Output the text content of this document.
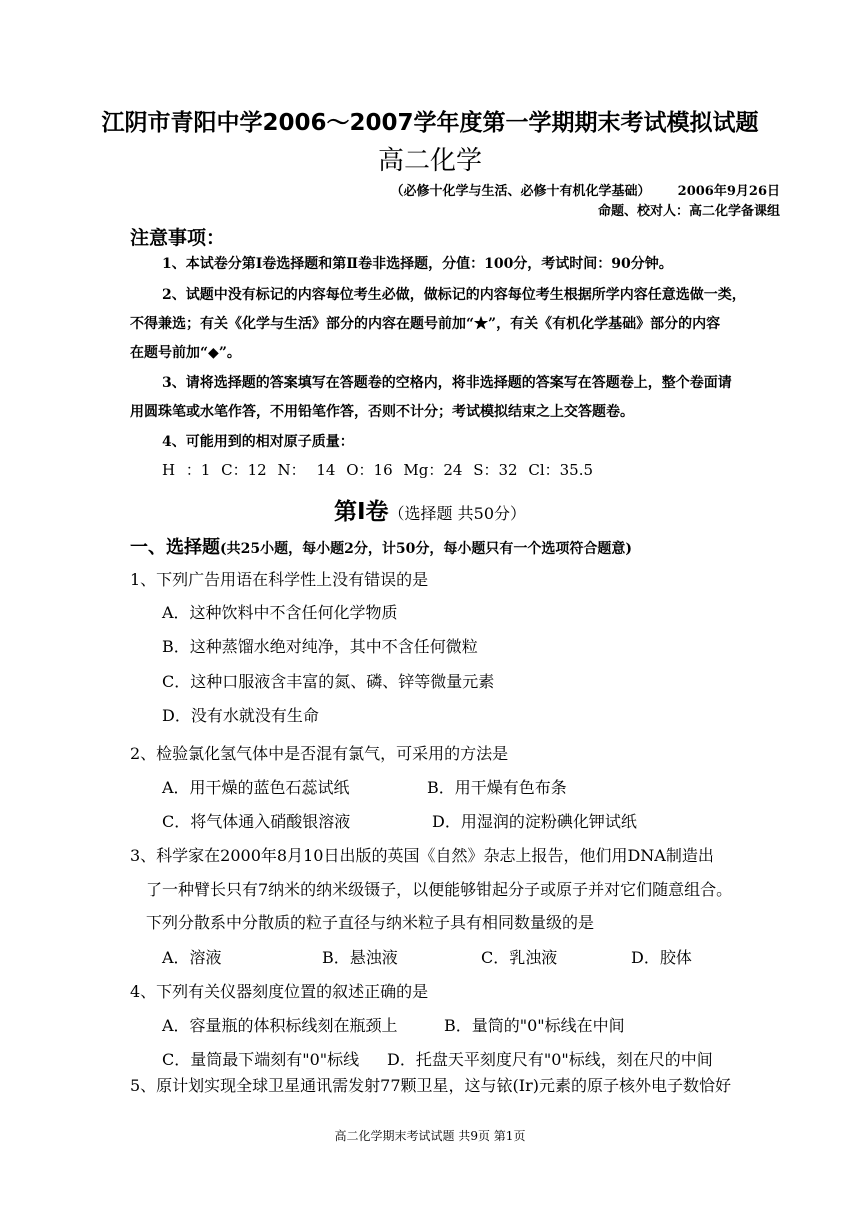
江阴市青阳中学2006～2007学年度第一学期期末考试模拟试题
高二化学
（必修十化学与生活、必修十有机化学基础） 2006年9月26日
命题、校对人：高二化学备课组
注意事项：
1、本试卷分第Ⅰ卷选择题和第Ⅱ卷非选择题，分值：100分，考试时间：90分钟。
2、试题中没有标记的内容每位考生必做，做标记的内容每位考生根据所学内容任意选做一类，
不得兼选；有关《化学与生活》部分的内容在题号前加“★”，有关《有机化学基础》部分的内容
在题号前加“◆”。
3、请将选择题的答案填写在答题卷的空格内，将非选择题的答案写在答题卷上，整个卷面请
用圆珠笔或水笔作答，不用铅笔作答，否则不计分；考试模拟结束之上交答题卷。
4、可能用到的相对原子质量：
H ：1 C：12 N： 14 O：16 Mg：24 S：32 Cl：35.5
第Ⅰ卷（选择题 共50分）
一、选择题(共25小题，每小题2分，计50分，每小题只有一个选项符合题意)
1、下列广告用语在科学性上没有错误的是
A．这种饮料中不含任何化学物质
B．这种蒸馏水绝对纯净，其中不含任何微粒
C．这种口服液含丰富的氮、磷、锌等微量元素
D．没有水就没有生命
2、检验氯化氢气体中是否混有氯气，可采用的方法是
A．用干燥的蓝色石蕊试纸	B．用干燥有色布条
C．将气体通入硝酸银溶液	D．用湿润的淀粉碘化钾试纸
3、科学家在2000年8月10日出版的英国《自然》杂志上报告，他们用DNA制造出
了一种臂长只有7纳米的纳米级镊子，以便能够钳起分子或原子并对它们随意组合。
下列分散系中分散质的粒子直径与纳米粒子具有相同数量级的是
A．溶液	B．悬浊液	C．乳浊液	D．胶体
4、下列有关仪器刻度位置的叙述正确的是
A．容量瓶的体积标线刻在瓶颈上	B．量筒的"0"标线在中间
C．量筒最下端刻有"0"标线 D．托盘天平刻度尺有"0"标线，刻在尺的中间
5、原计划实现全球卫星通讯需发射77颗卫星，这与铱(Ir)元素的原子核外电子数恰好
高二化学期末考试试题 共9页 第1页
